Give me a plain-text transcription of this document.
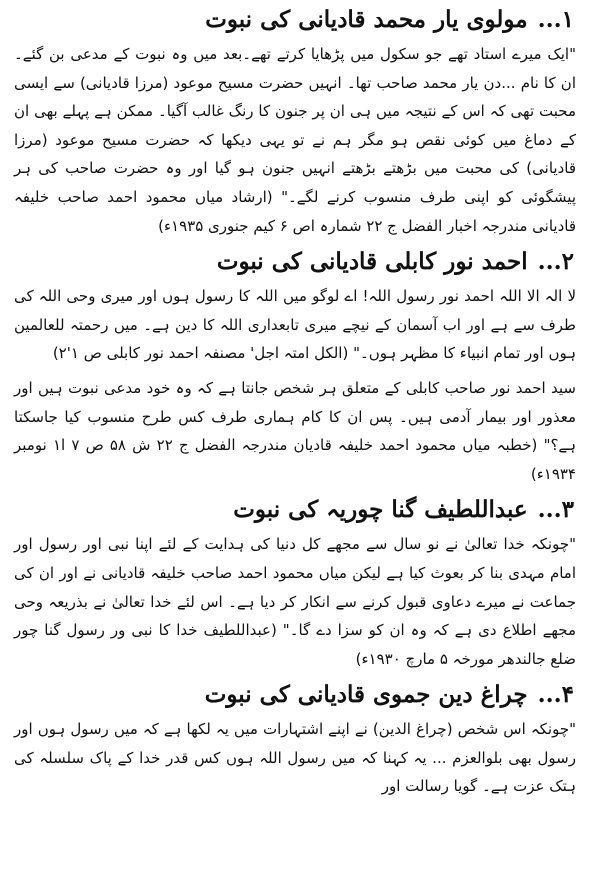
...١
مولوی یار محمد قادیانی کی نبوت

"ایک میرے استاد تھے جو سکول میں پڑھایا کرتے تھے۔بعد میں وہ نبوت کے مدعی بن گئے۔ ان کا نام ...دن یار محمد صاحب تھا۔ انہیں حضرت مسیح موعود (مرزا قادیانی) سے ایسی محبت تھی کہ اس کے نتیجہ میں ہی ان پر جنون کا رنگ غالب آگیا۔ ممکن ہے پہلے بھی ان کے دماغ میں کوئی نقص ہو مگر ہم نے تو یہی دیکھا کہ حضرت مسیح موعود (مرزا قادیانی) کی محبت میں بڑھتے بڑھتے انہیں جنون ہو گیا اور وہ حضرت صاحب کی ہر پیشگوئی کو اپنی طرف منسوب کرنے لگے۔" (ارشاد میاں محمود احمد صاحب خلیفہ قادیانی مندرجہ اخبار الفضل ج ۲۲ شمارہ اص ۶ کیم جنوری ۱۹۳۵ء)

...۲
احمد نور کابلی قادیانی کی نبوت

لا الہ الا اللہ احمد نور رسول اللہ! اے لوگو میں اللہ کا رسول ہوں اور میری وحی اللہ کی طرف سے ہے اور اب آسمان کے نیچے میری تابعداری اللہ کا دین ہے۔ میں رحمتہ للعالمین ہوں اور تمام انبیاء کا مظہر ہوں۔" (الکل امتہ اجل' مصنفہ احمد نور کابلی ص ۱'۲)

سید احمد نور صاحب کابلی کے متعلق ہر شخص جانتا ہے کہ وہ خود مدعی نبوت ہیں اور معذور اور بیمار آدمی ہیں۔ پس ان کا کام ہماری طرف کس طرح منسوب کیا جاسکتا ہے؟" (خطبہ میاں محمود احمد خلیفہ قادیان مندرجہ الفضل ج ۲۲ ش ۵۸ ص ۷ ا۱ نومبر ۱۹۳۴ء)

...۳
عبداللطیف گنا چوریہ کی نبوت

"چونکہ خدا تعالیٰ نے نو سال سے مجھے کل دنیا کی ہدایت کے لئے اپنا نبی اور رسول اور امام مہدی بنا کر بعوث کیا ہے لیکن میاں محمود احمد صاحب خلیفہ قادیانی نے اور ان کی جماعت نے میرے دعاوی قبول کرنے سے انکار کر دیا ہے۔ اس لئے خدا تعالیٰ نے بذریعہ وحی مجھے اطلاع دی ہے کہ وہ ان کو سزا دے گا۔" (عبداللطیف خدا کا نبی ور رسول گنا چور ضلع جالندھر مورخہ ۵ مارچ ۱۹۳۰ء)

...۴
چراغ دین جموی قادیانی کی نبوت

"چونکہ اس شخص (چراغ الدین) نے اپنے اشتہارات میں یہ لکھا ہے کہ میں رسول ہوں اور رسول بھی بلوالعزم ... یہ کہنا کہ میں رسول اللہ ہوں کس قدر خدا کے پاک سلسلہ کی ہتک عزت ہے۔ گویا رسالت اور
